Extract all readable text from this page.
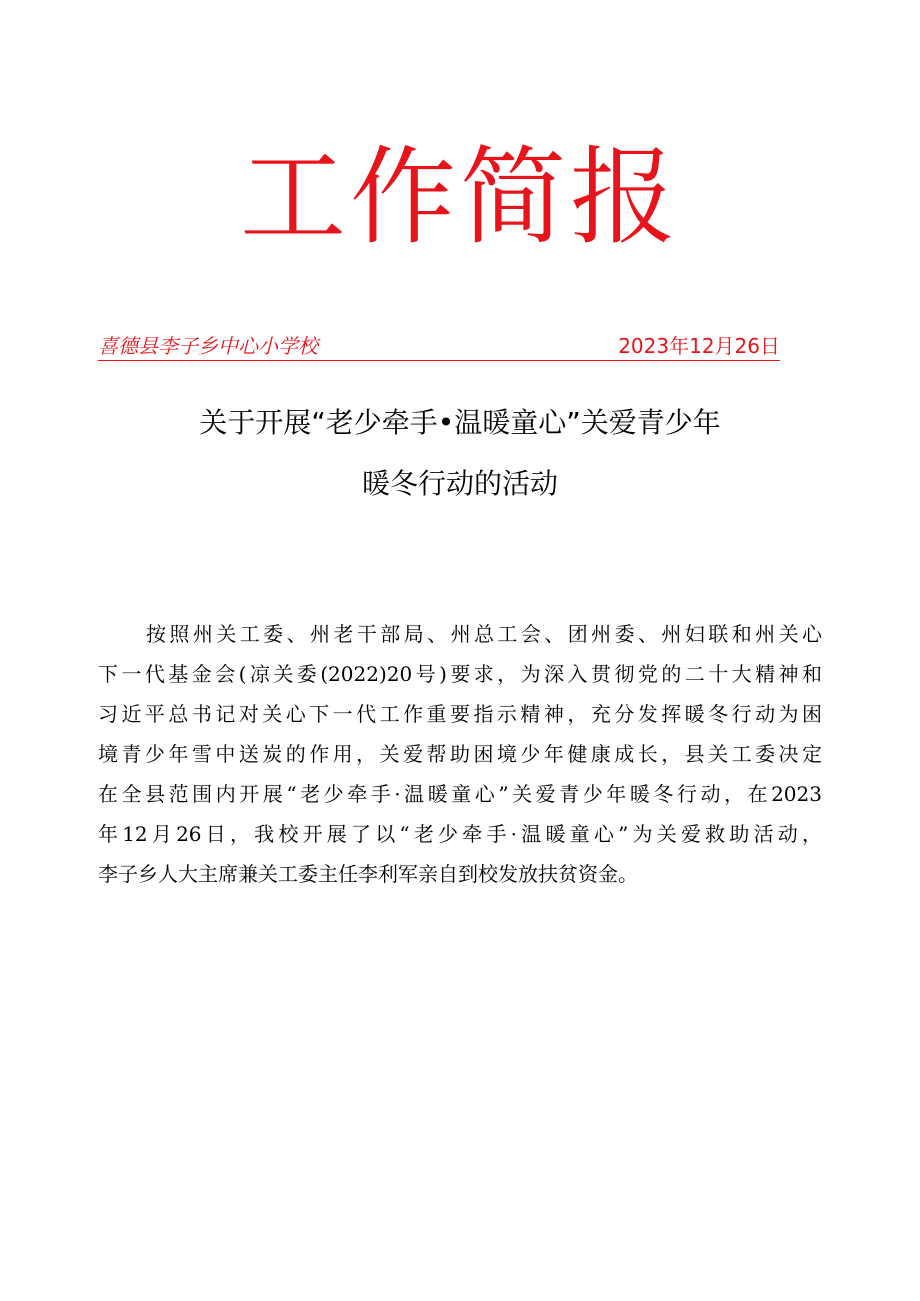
工作简报
喜德县李子乡中心小学校	2023年12月26日
关于开展“老少牵手•温暖童心”关爱青少年
暖冬行动的活动
按照州关工委、州老干部局、州总工会、团州委、州妇联和州关心
下一代基金会(凉关委(2022)20号)要求，为深入贯彻党的二十大精神和
习近平总书记对关心下一代工作重要指示精神，充分发挥暖冬行动为困
境青少年雪中送炭的作用，关爱帮助困境少年健康成长，县关工委决定
在全县范围内开展“老少牵手·温暖童心”关爱青少年暖冬行动，在2023
年12月26日，我校开展了以“老少牵手·温暖童心”为关爱救助活动，
李子乡人大主席兼关工委主任李利军亲自到校发放扶贫资金。
